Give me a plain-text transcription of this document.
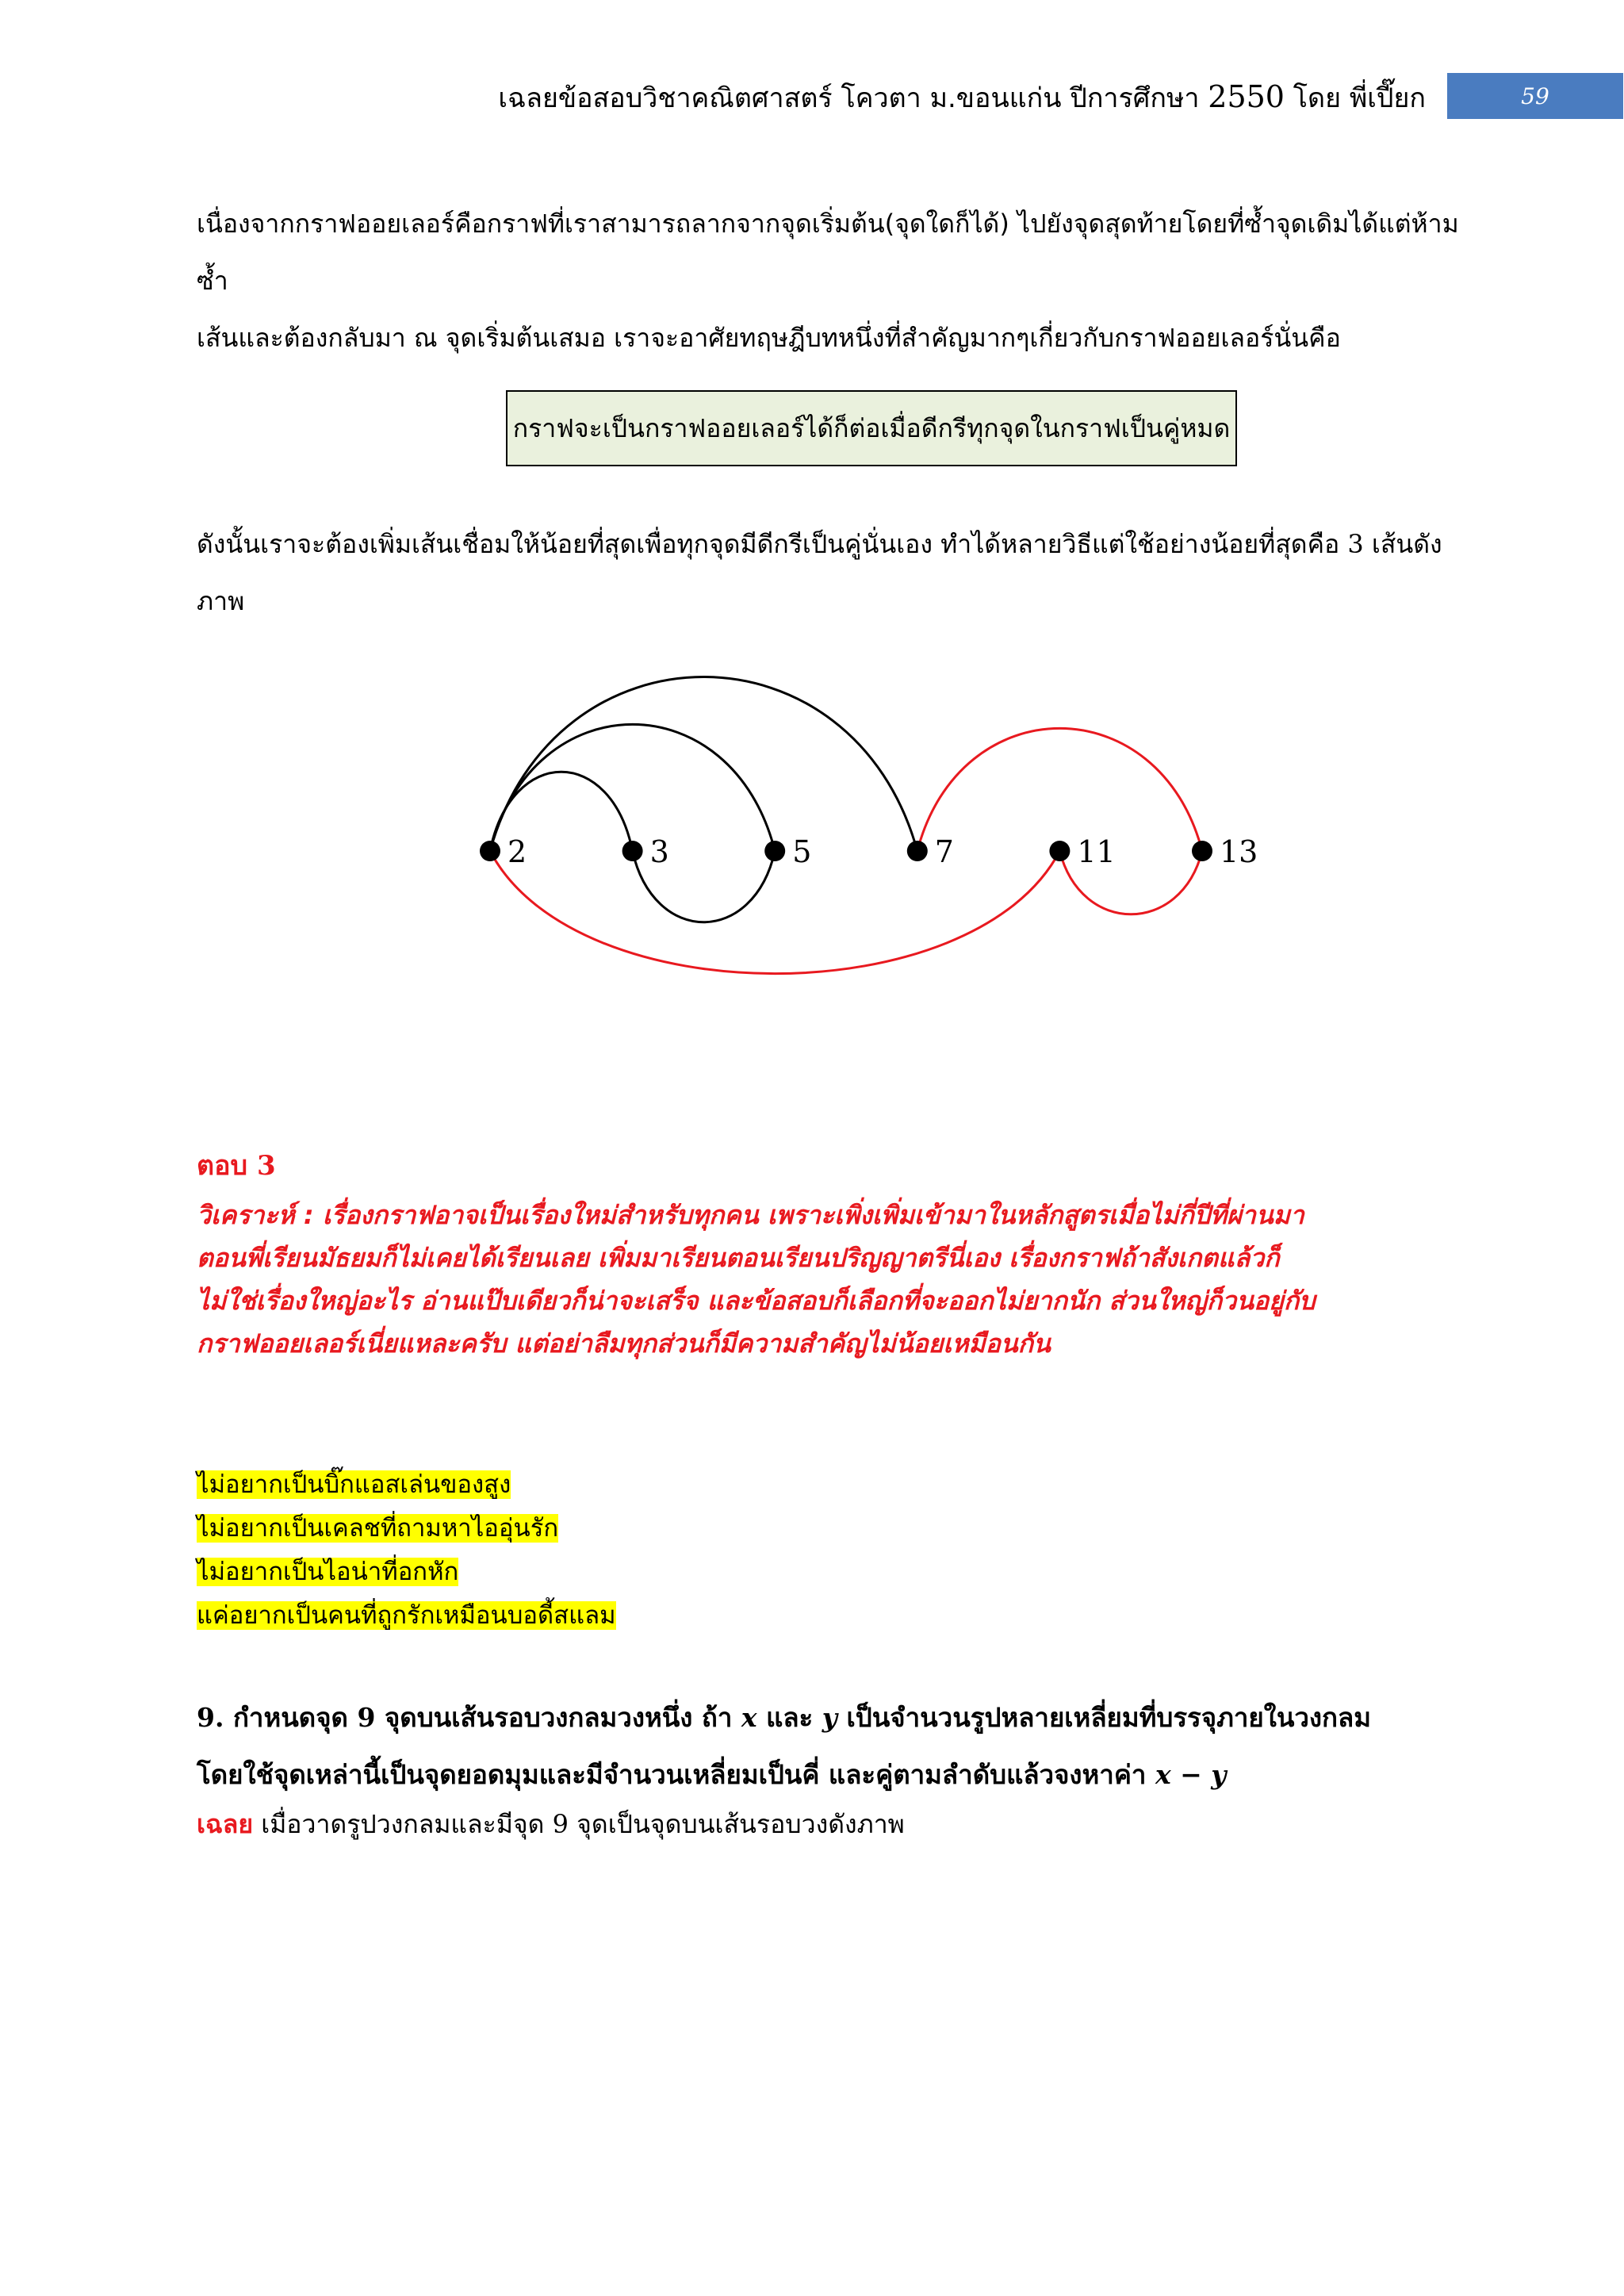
เฉลยข้อสอบวิชาคณิตศาสตร์ โควตา ม.ขอนแก่น ปีการศึกษา 2550 โดย พี่เปี๊ยก	59
เนื่องจากกราฟออยเลอร์คือกราฟที่เราสามารถลากจากจุดเริ่มต้น(จุดใดก็ได้) ไปยังจุดสุดท้ายโดยที่ซ้ำจุดเดิมได้แต่ห้ามซ้ำ
เส้นและต้องกลับมา ณ จุดเริ่มต้นเสมอ เราจะอาศัยทฤษฎีบทหนึ่งที่สำคัญมากๆเกี่ยวกับกราฟออยเลอร์นั่นคือ
กราฟจะเป็นกราฟออยเลอร์ได้ก็ต่อเมื่อดีกรีทุกจุดในกราฟเป็นคู่หมด
ดังนั้นเราจะต้องเพิ่มเส้นเชื่อมให้น้อยที่สุดเพื่อทุกจุดมีดีกรีเป็นคู่นั่นเอง ทำได้หลายวิธีแต่ใช้อย่างน้อยที่สุดคือ 3 เส้นดังภาพ
2	3	5	7	11	13
ตอบ 3
วิเคราะห์ : เรื่องกราฟอาจเป็นเรื่องใหม่สำหรับทุกคน เพราะเพิ่งเพิ่มเข้ามาในหลักสูตรเมื่อไม่กี่ปีที่ผ่านมา
ตอนพี่เรียนมัธยมก็ไม่เคยได้เรียนเลย เพิ่มมาเรียนตอนเรียนปริญญาตรีนี่เอง เรื่องกราฟถ้าสังเกตแล้วก็
ไม่ใช่เรื่องใหญ่อะไร อ่านแป๊บเดียวก็น่าจะเสร็จ และข้อสอบก็เลือกที่จะออกไม่ยากนัก ส่วนใหญ่ก็วนอยู่กับ
กราฟออยเลอร์เนี่ยแหละครับ แต่อย่าลืมทุกส่วนก็มีความสำคัญไม่น้อยเหมือนกัน
ไม่อยากเป็นบิ๊กแอสเล่นของสูง
ไม่อยากเป็นเคลชที่ถามหาไออุ่นรัก
ไม่อยากเป็นไอน่าที่อกหัก
แค่อยากเป็นคนที่ถูกรักเหมือนบอดี้สแลม
9. กำหนดจุด 9 จุดบนเส้นรอบวงกลมวงหนึ่ง ถ้า x และ y เป็นจำนวนรูปหลายเหลี่ยมที่บรรจุภายในวงกลม
โดยใช้จุดเหล่านี้เป็นจุดยอดมุมและมีจำนวนเหลี่ยมเป็นคี่ และคู่ตามลำดับแล้วจงหาค่า x − y
เฉลย เมื่อวาดรูปวงกลมและมีจุด 9 จุดเป็นจุดบนเส้นรอบวงดังภาพ
